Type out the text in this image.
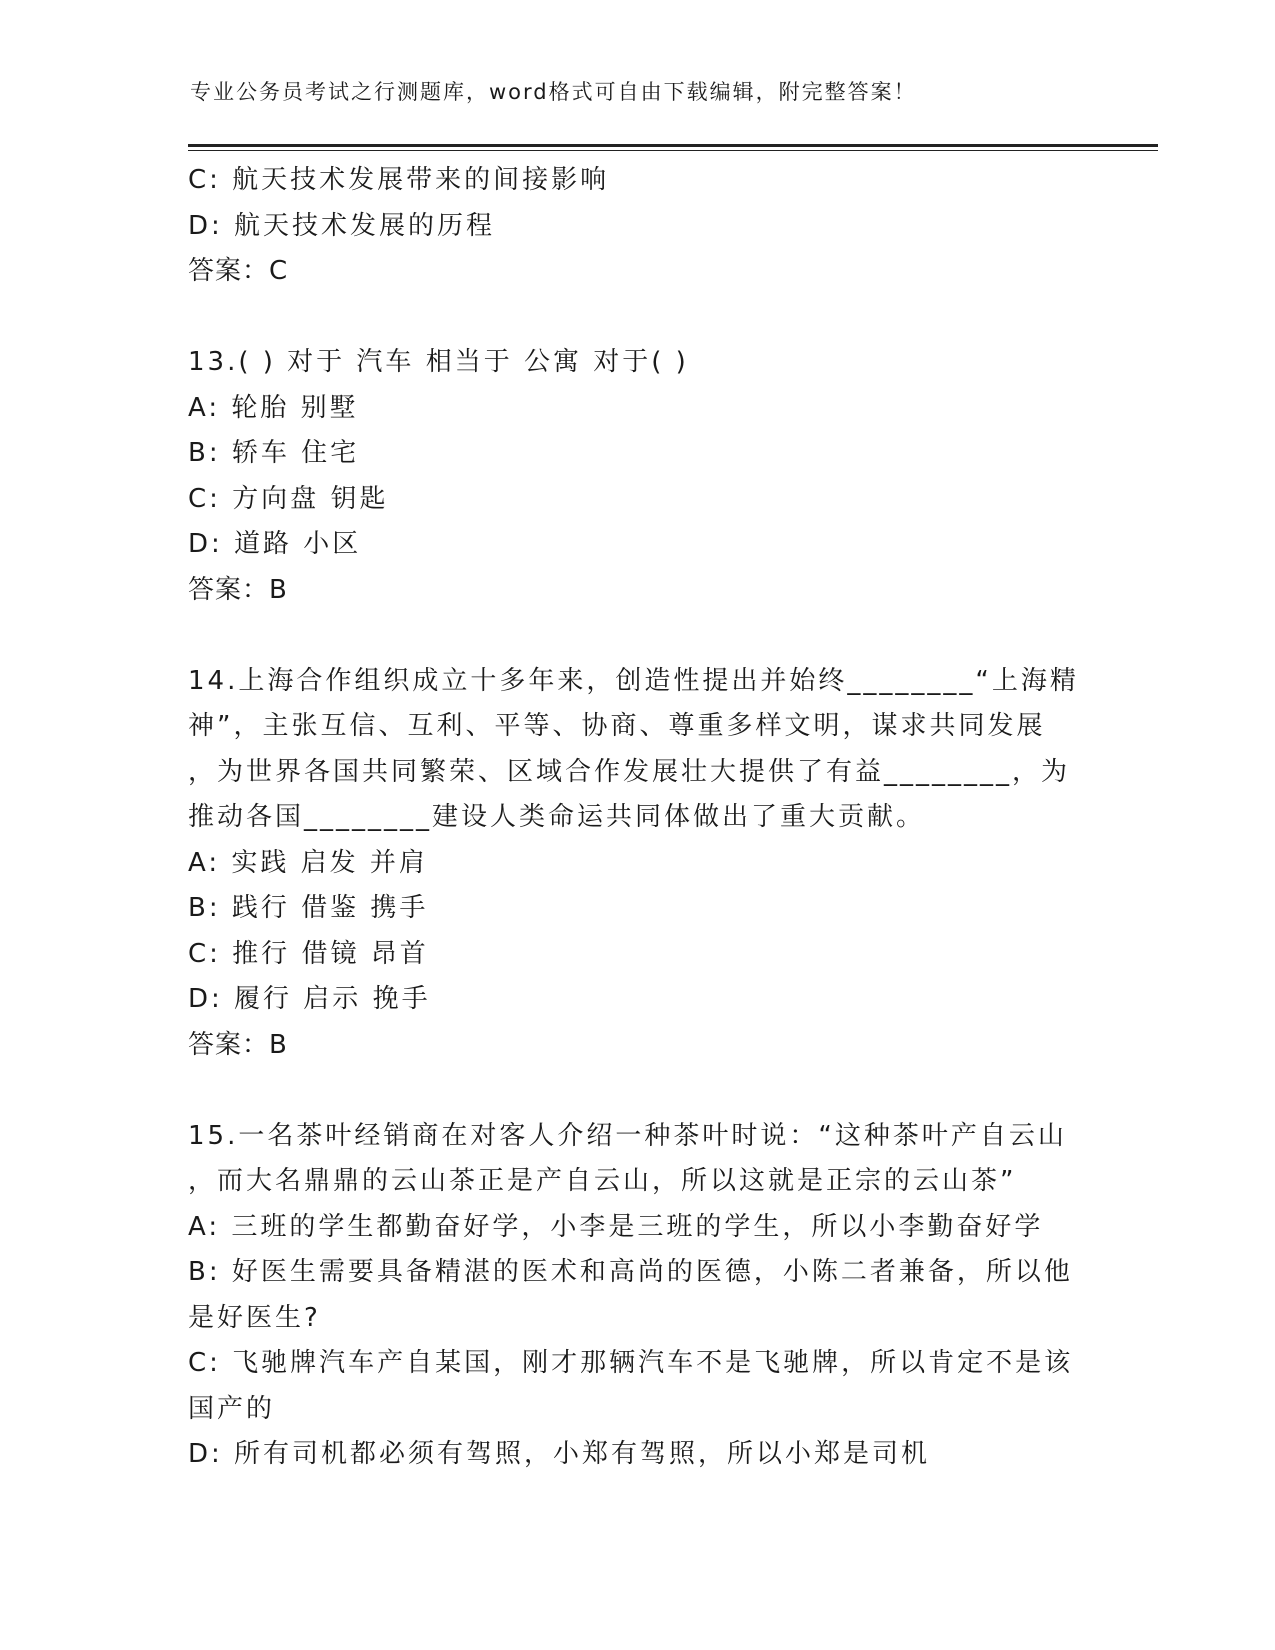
专业公务员考试之行测题库，word格式可自由下载编辑，附完整答案！
C: 航天技术发展带来的间接影响
D: 航天技术发展的历程
答案：C
13.( ) 对于 汽车 相当于 公寓 对于( )
A: 轮胎 别墅
B: 轿车 住宅
C: 方向盘 钥匙
D: 道路 小区
答案：B
14.上海合作组织成立十多年来，创造性提出并始终________“上海精
神”，主张互信、互利、平等、协商、尊重多样文明，谋求共同发展
，为世界各国共同繁荣、区域合作发展壮大提供了有益________，为
推动各国________建设人类命运共同体做出了重大贡献。
A: 实践 启发 并肩
B: 践行 借鉴 携手
C: 推行 借镜 昂首
D: 履行 启示 挽手
答案：B
15.一名茶叶经销商在对客人介绍一种茶叶时说：“这种茶叶产自云山
，而大名鼎鼎的云山茶正是产自云山，所以这就是正宗的云山茶”
A: 三班的学生都勤奋好学，小李是三班的学生，所以小李勤奋好学
B: 好医生需要具备精湛的医术和高尚的医德，小陈二者兼备，所以他
是好医生?
C: 飞驰牌汽车产自某国，刚才那辆汽车不是飞驰牌，所以肯定不是该
国产的
D: 所有司机都必须有驾照，小郑有驾照，所以小郑是司机
